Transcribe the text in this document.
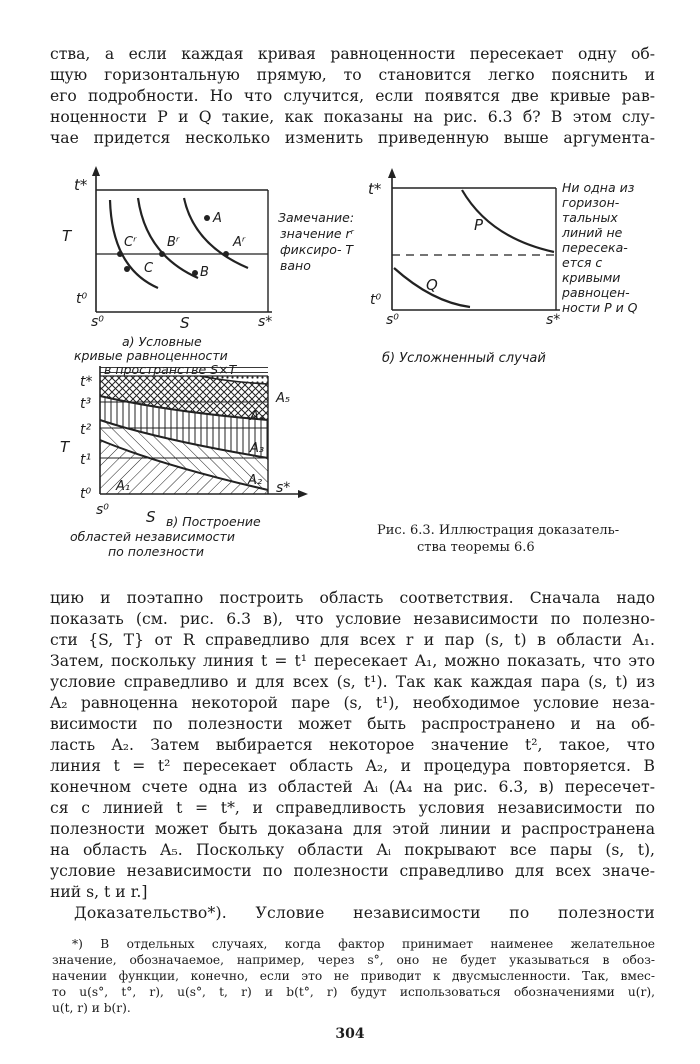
ства, а если каждая кривая равноценности пересекает одну об-
щую горизонтальную прямую, то становится легко пояснить и
его подробности. Но что случится, если появятся две кривые рав-
ноценности P и Q такие, как показаны на рис. 6.3 б? В этом слу-
чае придется несколько изменить приведенную выше аргумента-
t*
T
t⁰
s⁰	S	s*
C
Cʳ Bʳ
B
A
Aʳ
Замечание:
значение rʳ
фиксиро- Т
вано
а) Условные
кривые равноценности
t*
t⁰
s⁰	s*
P
Q
Ни одна из
горизон-
тальных
линий не
пересека-
ется с
кривыми
равноцен-
ности P и Q
б) Усложненный случай
t*
t³
t²
t¹
t⁰
T
s⁰ S
s*
A₁	A₂
A₃
A₄
A₅
в) Построение
областей независимости
по полезности
Рис. 6.3. Иллюстрация доказатель-
ства теоремы 6.6
цию и поэтапно построить область соответствия. Сначала надо
показать (см. рис. 6.3 в), что условие независимости по полезно-
сти {S, T} от R справедливо для всех r и пар (s, t) в области A₁.
Затем, поскольку линия t = t¹ пересекает A₁, можно показать, что это
условие справедливо и для всех (s, t¹). Так как каждая пара (s, t) из
A₂ равноценна некоторой паре (s, t¹), необходимое условие неза-
висимости по полезности может быть распространено и на об-
ласть A₂. Затем выбирается некоторое значение t², такое, что
линия t = t² пересекает область A₂, и процедура повторяется. В
конечном счете одна из областей Aᵢ (A₄ на рис. 6.3, в) пересечет-
ся с линией t = t*, и справедливость условия независимости по
полезности может быть доказана для этой линии и распространена
на область A₅. Поскольку области Aᵢ покрывают все пары (s, t),
условие независимости по полезности справедливо для всех значе-
ний s, t и r.]
Доказательство*). Условие независимости по полезности
*) В отдельных случаях, когда фактор принимает наименее желательное
значение, обозначаемое, например, через s°, оно не будет указываться в обоз-
начении функции, конечно, если это не приводит к двусмысленности. Так, вмес-
то u(s°, t°, r), u(s°, t, r) и b(t°, r) будут использоваться обозначениями u(r),
u(t, r) и b(r).
304
